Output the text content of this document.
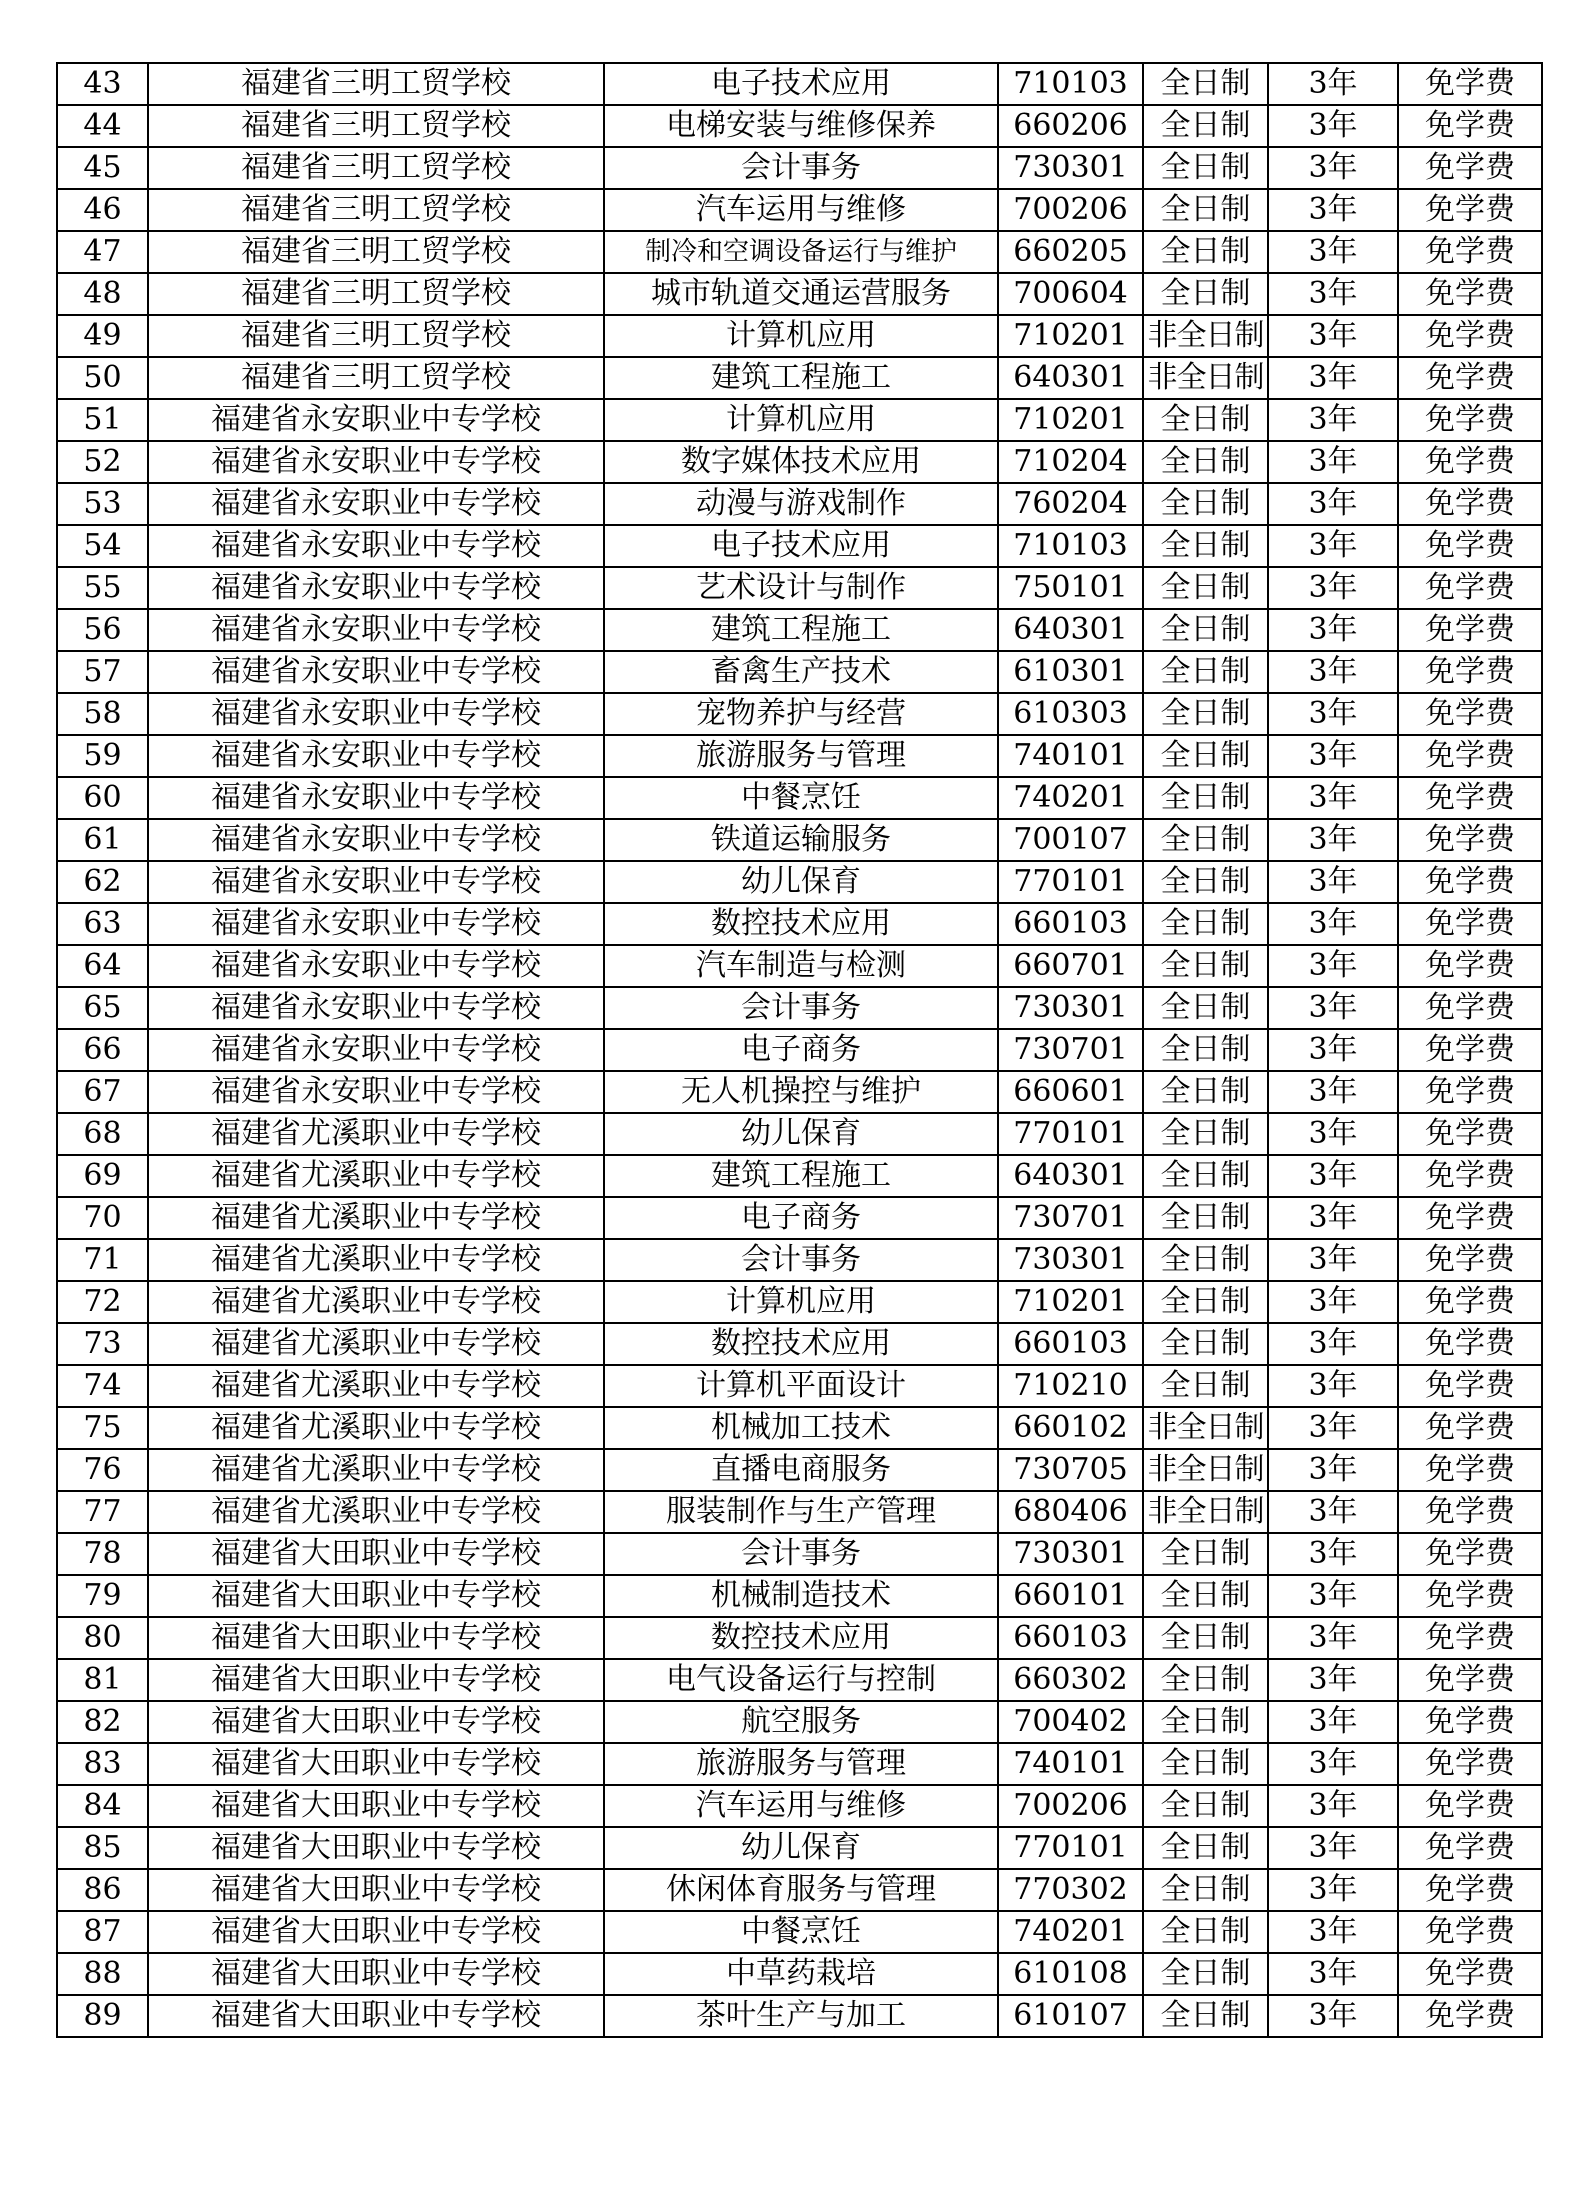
43	福建省三明工贸学校	电子技术应用	710103	全日制	3年	免学费
44	福建省三明工贸学校	电梯安装与维修保养	660206	全日制	3年	免学费
45	福建省三明工贸学校	会计事务	730301	全日制	3年	免学费
46	福建省三明工贸学校	汽车运用与维修	700206	全日制	3年	免学费
47	福建省三明工贸学校	制冷和空调设备运行与维护	660205	全日制	3年	免学费
48	福建省三明工贸学校	城市轨道交通运营服务	700604	全日制	3年	免学费
49	福建省三明工贸学校	计算机应用	710201	非全日制	3年	免学费
50	福建省三明工贸学校	建筑工程施工	640301	非全日制	3年	免学费
51	福建省永安职业中专学校	计算机应用	710201	全日制	3年	免学费
52	福建省永安职业中专学校	数字媒体技术应用	710204	全日制	3年	免学费
53	福建省永安职业中专学校	动漫与游戏制作	760204	全日制	3年	免学费
54	福建省永安职业中专学校	电子技术应用	710103	全日制	3年	免学费
55	福建省永安职业中专学校	艺术设计与制作	750101	全日制	3年	免学费
56	福建省永安职业中专学校	建筑工程施工	640301	全日制	3年	免学费
57	福建省永安职业中专学校	畜禽生产技术	610301	全日制	3年	免学费
58	福建省永安职业中专学校	宠物养护与经营	610303	全日制	3年	免学费
59	福建省永安职业中专学校	旅游服务与管理	740101	全日制	3年	免学费
60	福建省永安职业中专学校	中餐烹饪	740201	全日制	3年	免学费
61	福建省永安职业中专学校	铁道运输服务	700107	全日制	3年	免学费
62	福建省永安职业中专学校	幼儿保育	770101	全日制	3年	免学费
63	福建省永安职业中专学校	数控技术应用	660103	全日制	3年	免学费
64	福建省永安职业中专学校	汽车制造与检测	660701	全日制	3年	免学费
65	福建省永安职业中专学校	会计事务	730301	全日制	3年	免学费
66	福建省永安职业中专学校	电子商务	730701	全日制	3年	免学费
67	福建省永安职业中专学校	无人机操控与维护	660601	全日制	3年	免学费
68	福建省尤溪职业中专学校	幼儿保育	770101	全日制	3年	免学费
69	福建省尤溪职业中专学校	建筑工程施工	640301	全日制	3年	免学费
70	福建省尤溪职业中专学校	电子商务	730701	全日制	3年	免学费
71	福建省尤溪职业中专学校	会计事务	730301	全日制	3年	免学费
72	福建省尤溪职业中专学校	计算机应用	710201	全日制	3年	免学费
73	福建省尤溪职业中专学校	数控技术应用	660103	全日制	3年	免学费
74	福建省尤溪职业中专学校	计算机平面设计	710210	全日制	3年	免学费
75	福建省尤溪职业中专学校	机械加工技术	660102	非全日制	3年	免学费
76	福建省尤溪职业中专学校	直播电商服务	730705	非全日制	3年	免学费
77	福建省尤溪职业中专学校	服装制作与生产管理	680406	非全日制	3年	免学费
78	福建省大田职业中专学校	会计事务	730301	全日制	3年	免学费
79	福建省大田职业中专学校	机械制造技术	660101	全日制	3年	免学费
80	福建省大田职业中专学校	数控技术应用	660103	全日制	3年	免学费
81	福建省大田职业中专学校	电气设备运行与控制	660302	全日制	3年	免学费
82	福建省大田职业中专学校	航空服务	700402	全日制	3年	免学费
83	福建省大田职业中专学校	旅游服务与管理	740101	全日制	3年	免学费
84	福建省大田职业中专学校	汽车运用与维修	700206	全日制	3年	免学费
85	福建省大田职业中专学校	幼儿保育	770101	全日制	3年	免学费
86	福建省大田职业中专学校	休闲体育服务与管理	770302	全日制	3年	免学费
87	福建省大田职业中专学校	中餐烹饪	740201	全日制	3年	免学费
88	福建省大田职业中专学校	中草药栽培	610108	全日制	3年	免学费
89	福建省大田职业中专学校	茶叶生产与加工	610107	全日制	3年	免学费
